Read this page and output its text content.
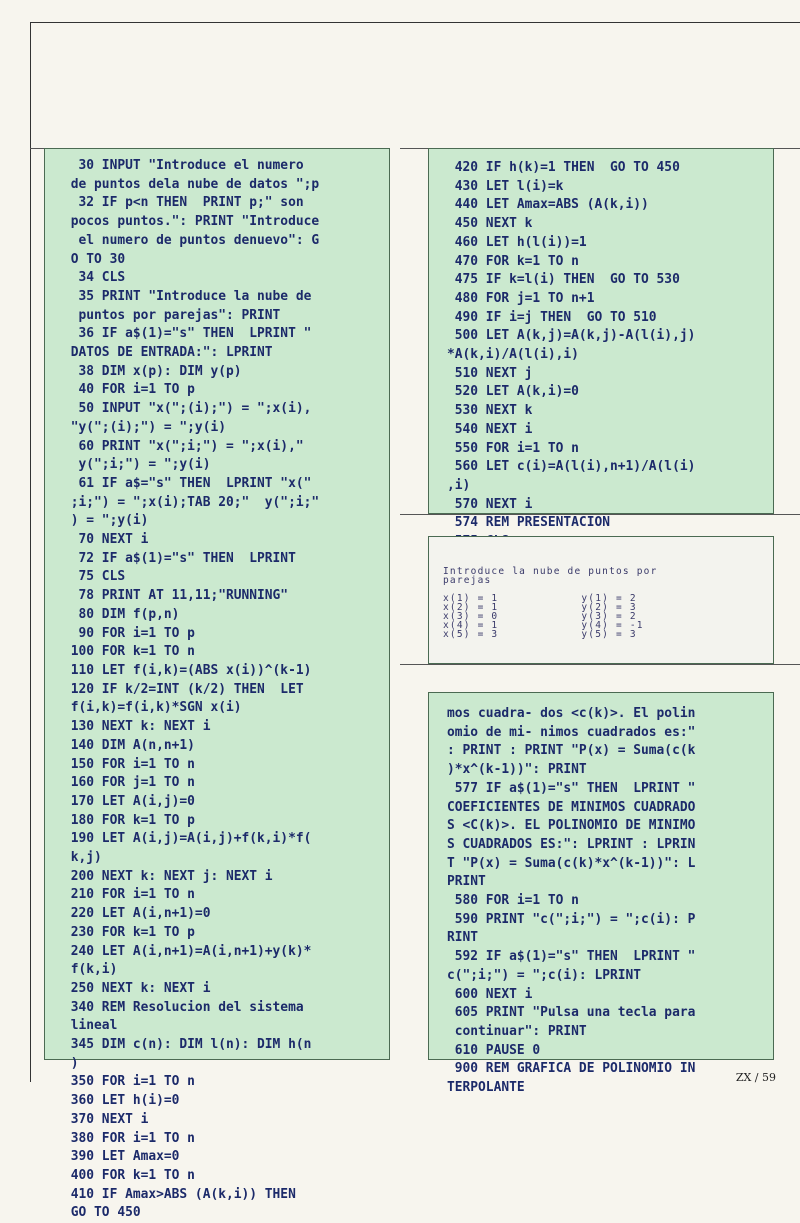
30 INPUT "Introduce el numero
de puntos dela nube de datos ";p
32 IF p<n THEN  PRINT p;" son
pocos puntos.": PRINT "Introduce
el numero de puntos denuevo": G
O TO 30
34 CLS
35 PRINT "Introduce la nube de
puntos por parejas": PRINT
36 IF a$(1)="s" THEN  LPRINT "
DATOS DE ENTRADA:": LPRINT
38 DIM x(p): DIM y(p)
40 FOR i=1 TO p
50 INPUT "x(";(i);") = ";x(i),
"y(";(i);") = ";y(i)
60 PRINT "x(";i;") = ";x(i),"
y(";i;") = ";y(i)
61 IF a$="s" THEN  LPRINT "x("
;i;") = ";x(i);TAB 20;"  y(";i;"
) = ";y(i)
70 NEXT i
72 IF a$(1)="s" THEN  LPRINT
75 CLS
78 PRINT AT 11,11;"RUNNING"
80 DIM f(p,n)
90 FOR i=1 TO p
100 FOR k=1 TO n
110 LET f(i,k)=(ABS x(i))^(k-1)
120 IF k/2=INT (k/2) THEN  LET
f(i,k)=f(i,k)*SGN x(i)
130 NEXT k: NEXT i
140 DIM A(n,n+1)
150 FOR i=1 TO n
160 FOR j=1 TO n
170 LET A(i,j)=0
180 FOR k=1 TO p
190 LET A(i,j)=A(i,j)+f(k,i)*f(
k,j)
200 NEXT k: NEXT j: NEXT i
210 FOR i=1 TO n
220 LET A(i,n+1)=0
230 FOR k=1 TO p
240 LET A(i,n+1)=A(i,n+1)+y(k)*
f(k,i)
250 NEXT k: NEXT i
340 REM Resolucion del sistema
lineal
345 DIM c(n): DIM l(n): DIM h(n
)
350 FOR i=1 TO n
360 LET h(i)=0
370 NEXT i
380 FOR i=1 TO n
390 LET Amax=0
400 FOR k=1 TO n
410 IF Amax>ABS (A(k,i)) THEN
GO TO 450
420 IF h(k)=1 THEN  GO TO 450
430 LET l(i)=k
440 LET Amax=ABS (A(k,i))
450 NEXT k
460 LET h(l(i))=1
470 FOR k=1 TO n
475 IF k=l(i) THEN  GO TO 530
480 FOR j=1 TO n+1
490 IF i=j THEN  GO TO 510
500 LET A(k,j)=A(k,j)-A(l(i),j)
*A(k,i)/A(l(i),i)
510 NEXT j
520 LET A(k,i)=0
530 NEXT k
540 NEXT i
550 FOR i=1 TO n
560 LET c(i)=A(l(i),n+1)/A(l(i)
,i)
570 NEXT i
574 REM PRESENTACION

Introduce la nube de puntos por
parejas

x(1) = 1            y(1) = 2
x(2) = 1            y(2) = 3
x(3) = 0            y(3) = 2
x(4) = 1            y(4) = -1
x(5) = 3            y(5) = 3
mos cuadra- dos <c(k)>. El polin
omio de mi- nimos cuadrados es:"
: PRINT : PRINT "P(x) = Suma(c(k
)*x^(k-1))": PRINT
577 IF a$(1)="s" THEN  LPRINT "
COEFICIENTES DE MINIMOS CUADRADO
S <C(k)>. EL POLINOMIO DE MINIMO
S CUADRADOS ES:": LPRINT : LPRIN
T "P(x) = Suma(c(k)*x^(k-1))": L
PRINT
580 FOR i=1 TO n
590 PRINT "c(";i;") = ";c(i): P
RINT
592 IF a$(1)="s" THEN  LPRINT "
c(";i;") = ";c(i): LPRINT
600 NEXT i
605 PRINT "Pulsa una tecla para
continuar": PRINT
610 PAUSE 0
900 REM GRAFICA DE POLINOMIO IN
TERPOLANTE
ZX / 59
